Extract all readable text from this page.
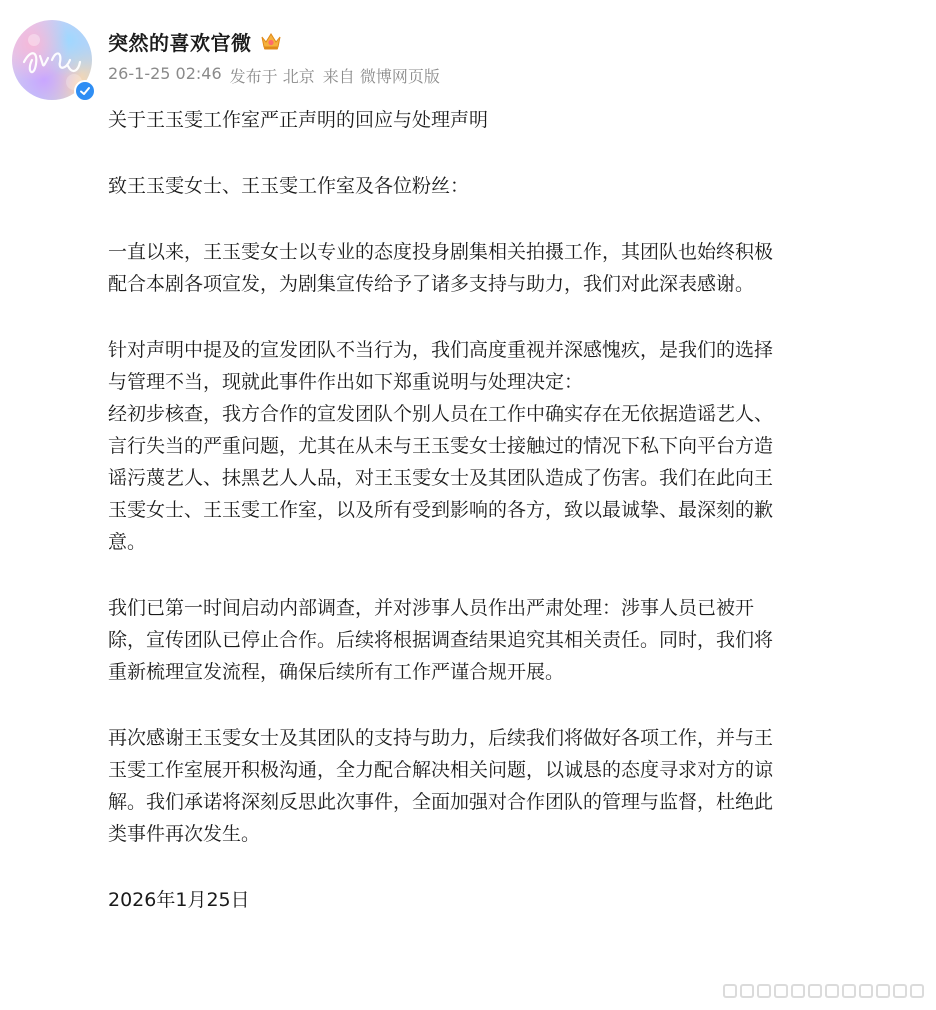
突然的喜欢官微
26-1-25 02:46 发布于 北京 来自 微博网页版

关于王玉雯工作室严正声明的回应与处理声明

致王玉雯女士、王玉雯工作室及各位粉丝：

一直以来，王玉雯女士以专业的态度投身剧集相关拍摄工作，其团队也始终积极

配合本剧各项宣发，为剧集宣传给予了诸多支持与助力，我们对此深表感谢。

针对声明中提及的宣发团队不当行为，我们高度重视并深感愧疚，是我们的选择

与管理不当，现就此事件作出如下郑重说明与处理决定：

经初步核查，我方合作的宣发团队个别人员在工作中确实存在无依据造谣艺人、

言行失当的严重问题，尤其在从未与王玉雯女士接触过的情况下私下向平台方造

谣污蔑艺人、抹黑艺人人品，对王玉雯女士及其团队造成了伤害。我们在此向王

玉雯女士、王玉雯工作室，以及所有受到影响的各方，致以最诚挚、最深刻的歉

意。

我们已第一时间启动内部调查，并对涉事人员作出严肃处理：涉事人员已被开

除，宣传团队已停止合作。后续将根据调查结果追究其相关责任。同时，我们将

重新梳理宣发流程，确保后续所有工作严谨合规开展。

再次感谢王玉雯女士及其团队的支持与助力，后续我们将做好各项工作，并与王

玉雯工作室展开积极沟通，全力配合解决相关问题，以诚恳的态度寻求对方的谅

解。我们承诺将深刻反思此次事件，全面加强对合作团队的管理与监督，杜绝此

类事件再次发生。

2026年1月25日
